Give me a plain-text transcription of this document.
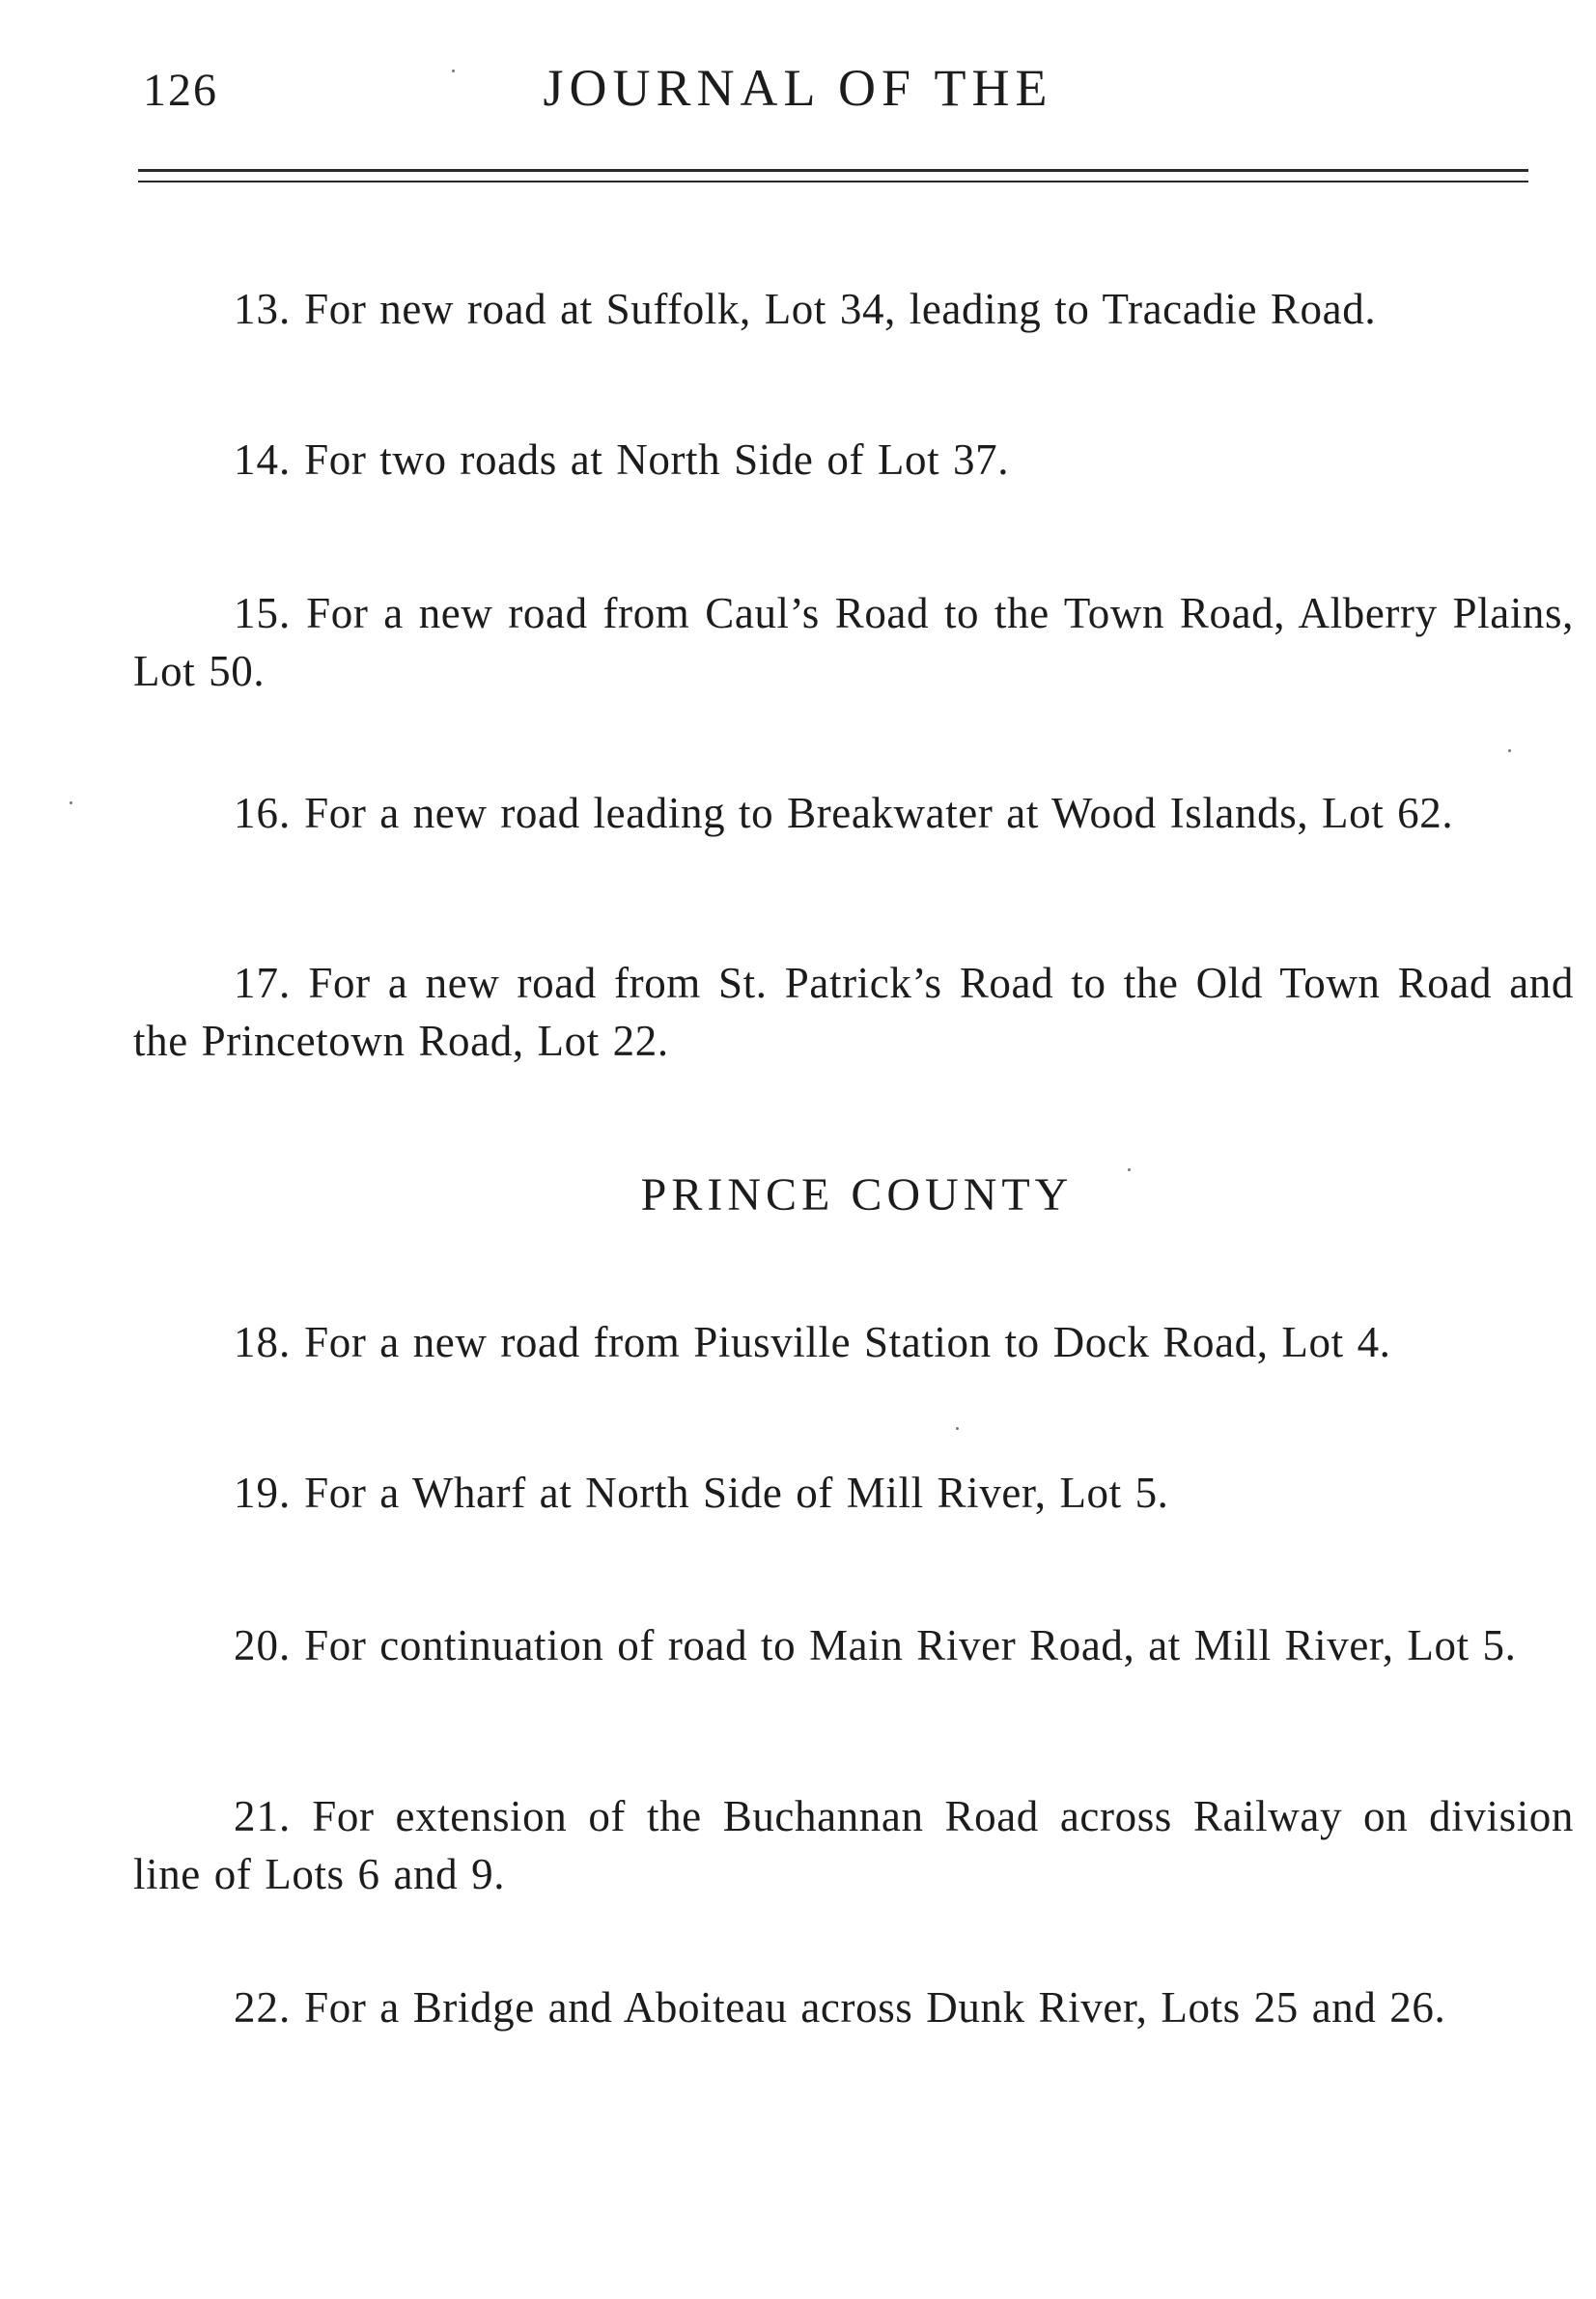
126	JOURNAL OF THE
13. For new road at Suffolk, Lot 34, leading to Tracadie Road.
14. For two roads at North Side of Lot 37.
15. For a new road from Caul’s Road to the Town Road, Alberry Plains, Lot 50.
16. For a new road leading to Breakwater at Wood Islands, Lot 62.
17. For a new road from St. Patrick’s Road to the Old Town Road and the Princetown Road, Lot 22.
PRINCE COUNTY
18. For a new road from Piusville Station to Dock Road, Lot 4.
19. For a Wharf at North Side of Mill River, Lot 5.
20. For continuation of road to Main River Road, at Mill River, Lot 5.
21. For extension of the Buchannan Road across Railway on division line of Lots 6 and 9.
22. For a Bridge and Aboiteau across Dunk River, Lots 25 and 26.
